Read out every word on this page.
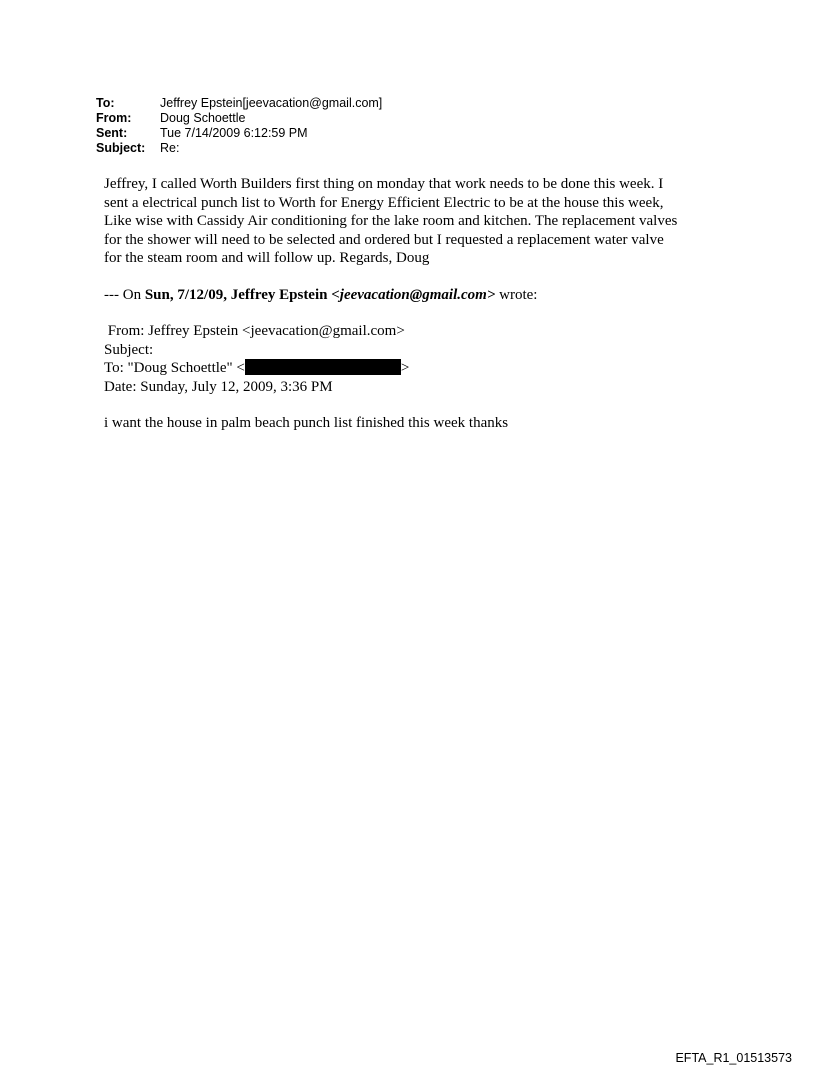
To:	Jeffrey Epstein[jeevacation@gmail.com]
From:	Doug Schoettle
Sent:	Tue 7/14/2009 6:12:59 PM
Subject:	Re:

Jeffrey, I called Worth Builders first thing on monday that work needs to be done this week. I
sent a electrical punch list to Worth for Energy Efficient Electric to be at the house this week,
Like wise with Cassidy Air conditioning for the lake room and kitchen. The replacement valves
for the shower will need to be selected and ordered but I requested a replacement water valve
for the steam room and will follow up. Regards, Doug

--- On Sun, 7/12/09, Jeffrey Epstein <jeevacation@gmail.com> wrote:

From: Jeffrey Epstein <jeevacation@gmail.com>

Subject:

To: "Doug Schoettle" <	>

Date: Sunday, July 12, 2009, 3:36 PM

i want the house in palm beach punch list finished this week thanks

EFTA_R1_01513573
